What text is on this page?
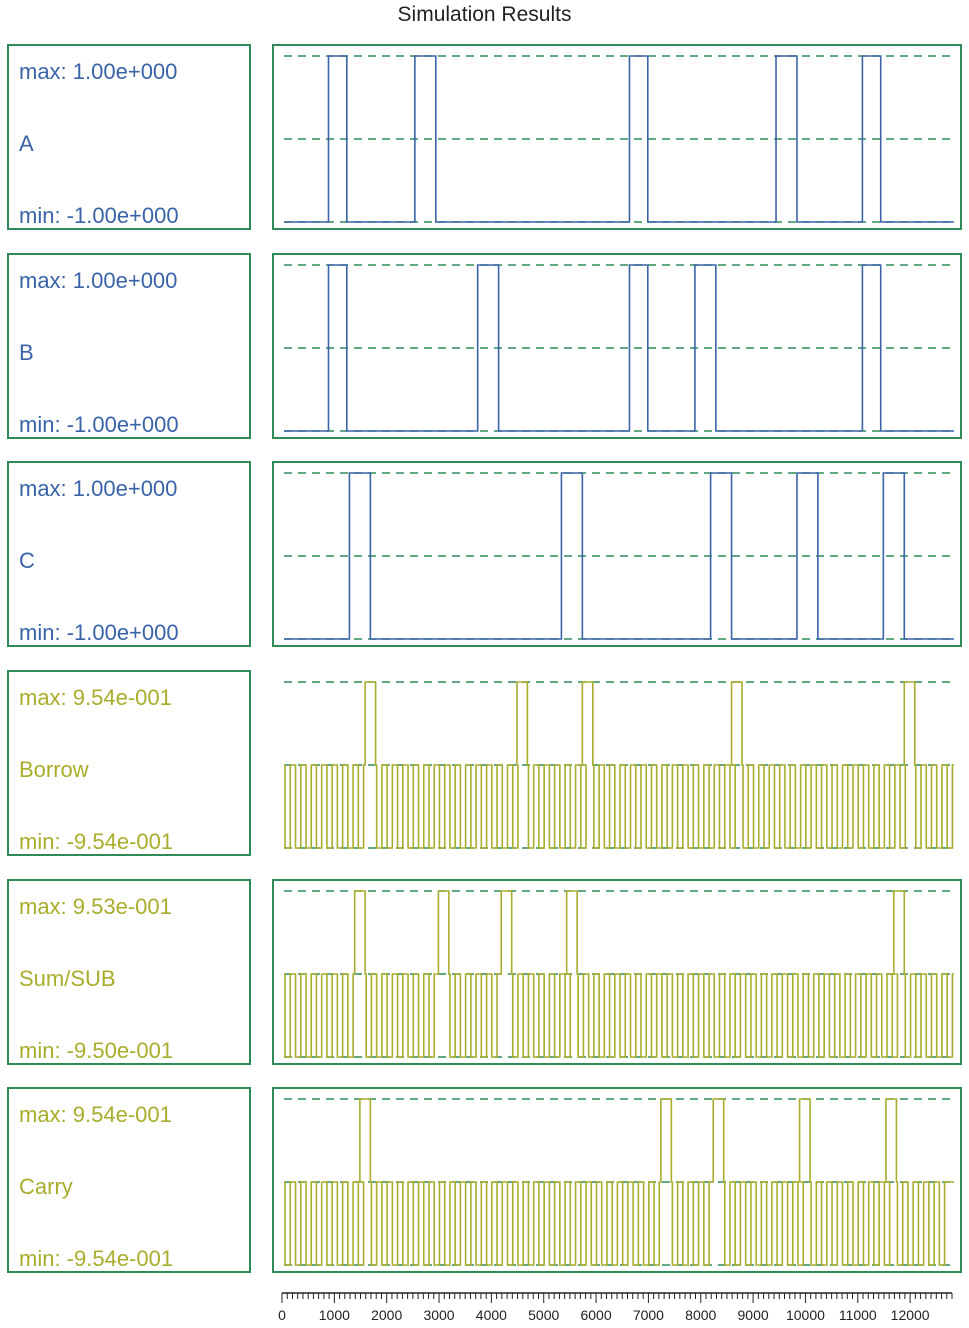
Simulation Results
max: 1.00e+000
A
min: -1.00e+000
max: 1.00e+000
B
min: -1.00e+000
max: 1.00e+000
C
min: -1.00e+000
max: 9.54e-001
Borrow
min: -9.54e-001
max: 9.53e-001
Sum/SUB
min: -9.50e-001
max: 9.54e-001
Carry
min: -9.54e-001
0 1000 2000 3000 4000 5000 6000 7000 8000 9000 10000 11000 12000
